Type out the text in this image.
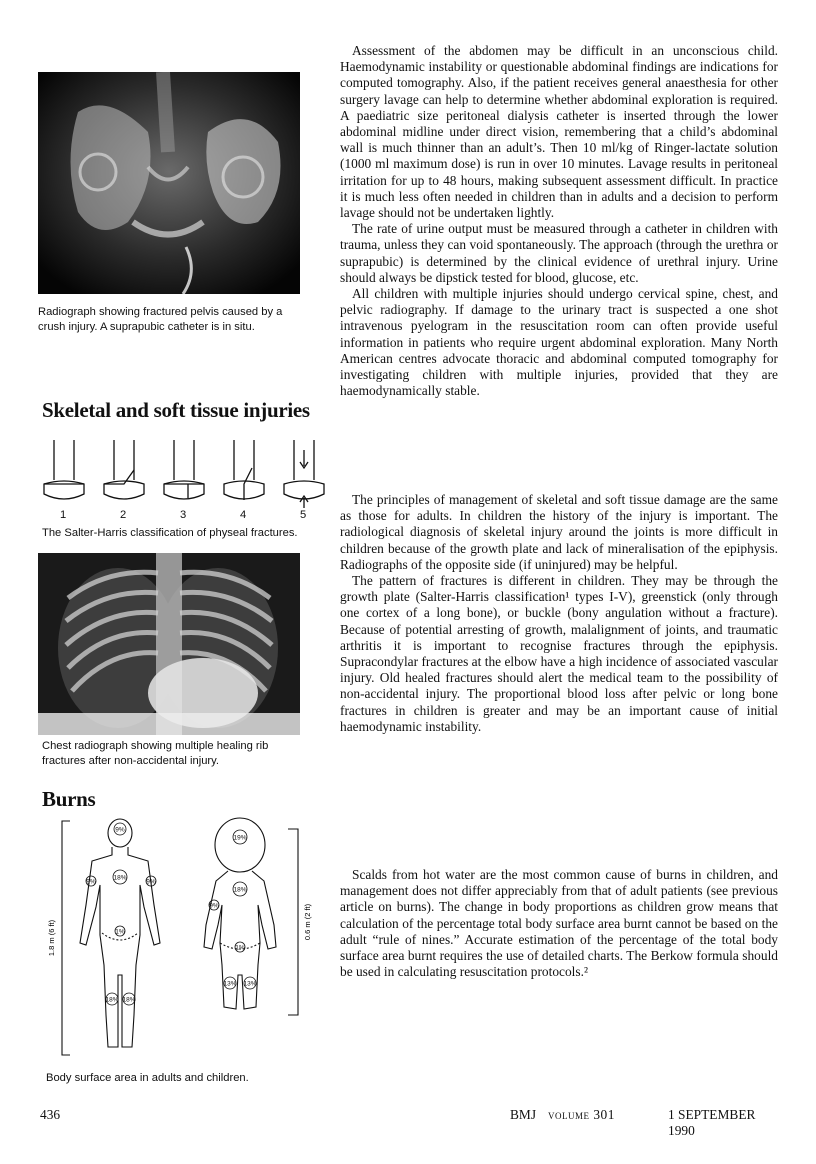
Radiograph showing fractured pelvis caused by a crush injury. A suprapubic catheter is in situ.

Skeletal and soft tissue injuries
1	2	3	4	5

The Salter-Harris classification of physeal fractures.

Chest radiograph showing multiple healing rib fractures after non-accidental injury.

Burns
9%
18%
9%	9%
1%
18% 18%
19%
18%
9%
1%
13% 13%
1.8 m (6 ft)	0.6 m (2 ft)

Body surface area in adults and children.

Assessment of the abdomen may be difficult in an unconscious child. Haemodynamic instability or questionable abdominal findings are indications for computed tomography. Also, if the patient receives general anaesthesia for other surgery lavage can help to determine whether abdominal exploration is required. A paediatric size peritoneal dialysis catheter is inserted through the lower abdominal midline under direct vision, remembering that a child’s abdominal wall is much thinner than an adult’s. Then 10 ml/kg of Ringer-lactate solution (1000 ml maximum dose) is run in over 10 minutes. Lavage results in peritoneal irritation for up to 48 hours, making subsequent assessment difficult. In practice it is much less often needed in children than in adults and a decision to perform lavage should not be undertaken lightly.

The rate of urine output must be measured through a catheter in children with trauma, unless they can void spontaneously. The approach (through the urethra or suprapubic) is determined by the clinical evidence of urethral injury. Urine should always be dipstick tested for blood, glucose, etc.

All children with multiple injuries should undergo cervical spine, chest, and pelvic radiography. If damage to the urinary tract is suspected a one shot intravenous pyelogram in the resuscitation room can often provide useful information in patients who require urgent abdominal exploration. Many North American centres advocate thoracic and abdominal computed tomography for investigating children with multiple injuries, provided that they are haemodynamically stable.

The principles of management of skeletal and soft tissue damage are the same as those for adults. In children the history of the injury is important. The radiological diagnosis of skeletal injury around the joints is more difficult in children because of the growth plate and lack of mineralisation of the epiphysis. Radiographs of the opposite side (if uninjured) may be helpful.

The pattern of fractures is different in children. They may be through the growth plate (Salter-Harris classification¹ types I-V), greenstick (only through one cortex of a long bone), or buckle (bony angulation without a fracture). Because of potential arresting of growth, malalignment of joints, and traumatic arthritis it is important to recognise fractures through the epiphysis. Supracondylar fractures at the elbow have a high incidence of associated vascular injury. Old healed fractures should alert the medical team to the possibility of non-accidental injury. The proportional blood loss after pelvic or long bone fractures in children is greater and may be an important cause of initial haemodynamic instability.

Scalds from hot water are the most common cause of burns in children, and management does not differ appreciably from that of adult patients (see previous article on burns). The change in body proportions as children grow means that calculation of the percentage total body surface area burnt cannot be based on the adult “rule of nines.” Accurate estimation of the percentage of the total body surface area burnt requires the use of detailed charts. The Berkow formula should be used in calculating resuscitation protocols.²

436	BMJ volume 301	1 SEPTEMBER 1990
